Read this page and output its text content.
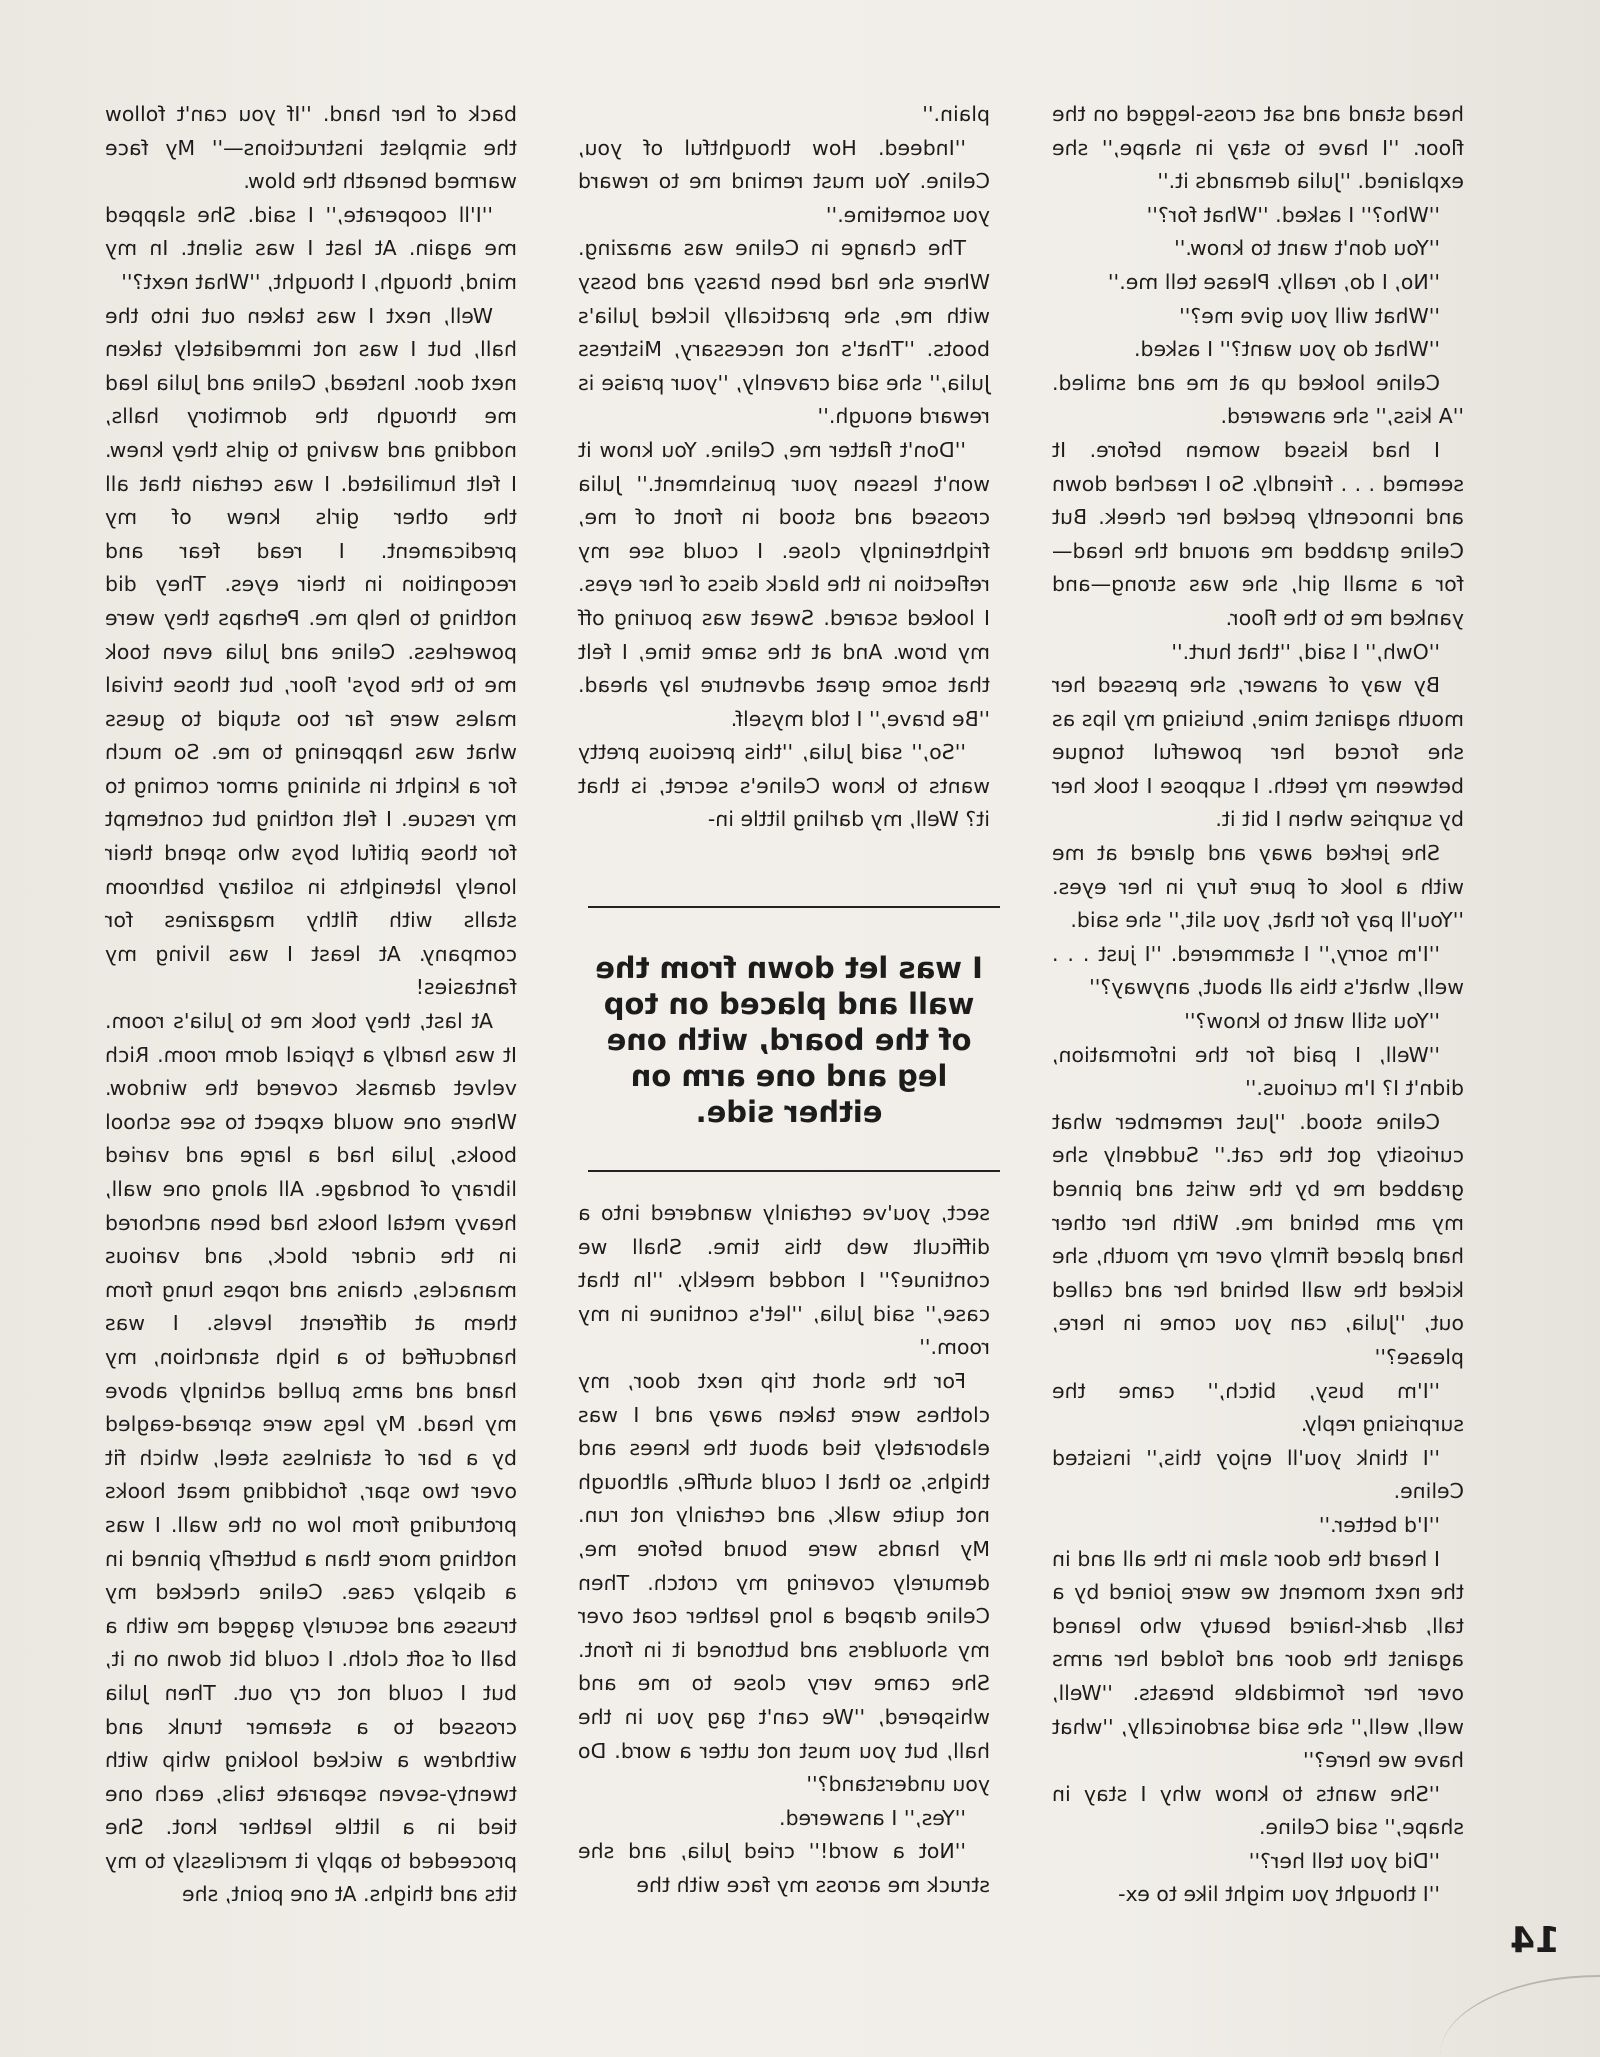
head stand and sat cross-legged on the floor. ''I have to stay in shape,'' she explained. ''Julia demands it.''

''Who?'' I asked. ''What for?''

''You don't want to know.''

''No, I do, really. Please tell me.''

''What will you give me?''

''What do you want?'' I asked.

Celine looked up at me and smiled. ''A kiss,'' she answered.

I had kissed women before. It seemed . . . friendly. So I reached down and innocently pecked her cheek. But Celine grabbed me around the head—for a small girl, she was strong—and yanked me to the floor.

''Owh,'' I said, ''that hurt.''

By way of answer, she pressed her mouth against mine, bruising my lips as she forced her powerful tongue between my teeth. I suppose I took her by surprise when I bit it.

She jerked away and glared at me with a look of pure fury in her eyes. ''You'll pay for that, you slit,'' she said.

''I'm sorry,'' I stammered. ''I just . . . well, what's this all about, anyway?''

''You still want to know?''

''Well, I paid for the information, didn't I? I'm curious.''

Celine stood. ''Just remember what curiosity got the cat.'' Suddenly she grabbed me by the wrist and pinned my arm behind me. With her other hand placed firmly over my mouth, she kicked the wall behind her and called out, ''Julia, can you come in here, please?''

''I'm busy, bitch,'' came the surprising reply.

''I think you'll enjoy this,'' insisted Celine.

''I'd better.''

I heard the door slam in the all and in the next moment we were joined by a tall, dark-haired beauty who leaned against the door and folded her arms over her formidable breasts. ''Well, well, well,'' she said sardonically, ''what have we here?''

''She wants to know why I stay in shape,'' said Celine.

''Did you tell her?''

''I thought you might like to ex-

plain.''

''Indeed. How thoughtful of you, Celine. You must remind me to reward you sometime.''

The change in Celine was amazing. Where she had been brassy and bossy with me, she practically licked Julia's boots. ''That's not necessary, Mistress Julia,'' she said cravenly, ''your praise is reward enough.''

''Don't flatter me, Celine. You know it won't lessen your punishment.'' Julia crossed and stood in front of me, frighteningly close. I could see my reflection in the black discs of her eyes. I looked scared. Sweat was pouring off my brow. And at the same time, I felt that some great adventure lay ahead. ''Be brave,'' I told myself.

''So,'' said Julia, ''this precious pretty wants to know Celine's secret, is that it? Well, my darling little in-

I was let down from the wall and placed on top of the board, with one leg and one arm on either side.

sect, you've certainly wandered into a difficult web this time. Shall we continue?'' I nodded meekly. ''In that case,'' said Julia, ''let's continue in my room.''

For the short trip next door, my clothes were taken away and I was elaborately tied about the knees and thighs, so that I could shuffle, although not quite walk, and certainly not run. My hands were bound before me, demurely covering my crotch. Then Celine draped a long leather coat over my shoulders and buttoned it in front. She came very close to me and whispered, ''We can't gag you in the hall, but you must not utter a word. Do you understand?''

''Yes,'' I answered.

''Not a word!'' cried Julia, and she struck me across my face with the

back of her hand. ''If you can't follow the simplest instructions—'' My face warmed beneath the blow.

''I'll cooperate,'' I said. She slapped me again. At last I was silent. In my mind, though, I thought, ''What next?''

Well, next I was taken out into the hall, but I was not immediately taken next door. Instead, Celine and Julia lead me through the dormitory halls, nodding and waving to girls they knew. I felt humiliated. I was certain that all the other girls knew of my predicament. I read fear and recognition in their eyes. They did nothing to help me. Perhaps they were powerless. Celine and Julia even took me to the boys' floor, but those trivial males were far too stupid to guess what was happening to me. So much for a knight in shining armor coming to my rescue. I felt nothing but contempt for those pitiful boys who spend their lonely latenights in solitary bathroom stalls with filthy magazines for company. At least I was living my fantasies!

At last, they took me to Julia's room. It was hardly a typical dorm room. Rich velvet damask covered the window. Where one would expect to see school books, Julia had a large and varied library of bondage. All along one wall, heavy metal hooks had been anchored in the cinder block, and various manacles, chains and ropes hung from them at different levels. I was handcuffed to a high stanchion, my hand and arms pulled achingly above my head. My legs were spread-eagled by a bar of stainless steel, which fit over two spar, forbidding meat hooks protruding from low on the wall. I was nothing more than a butterfly pinned in a display case. Celine checked my trusses and securely gagged me with a ball of soft cloth. I could bit down on it, but I could not cry out. Then Julia crossed to a steamer trunk and withdrew a wicked looking whip with twenty-seven separate tails, each one tied in a little leather knot. She proceeded to apply it mercilessly to my tits and thighs. At one point, she

14
